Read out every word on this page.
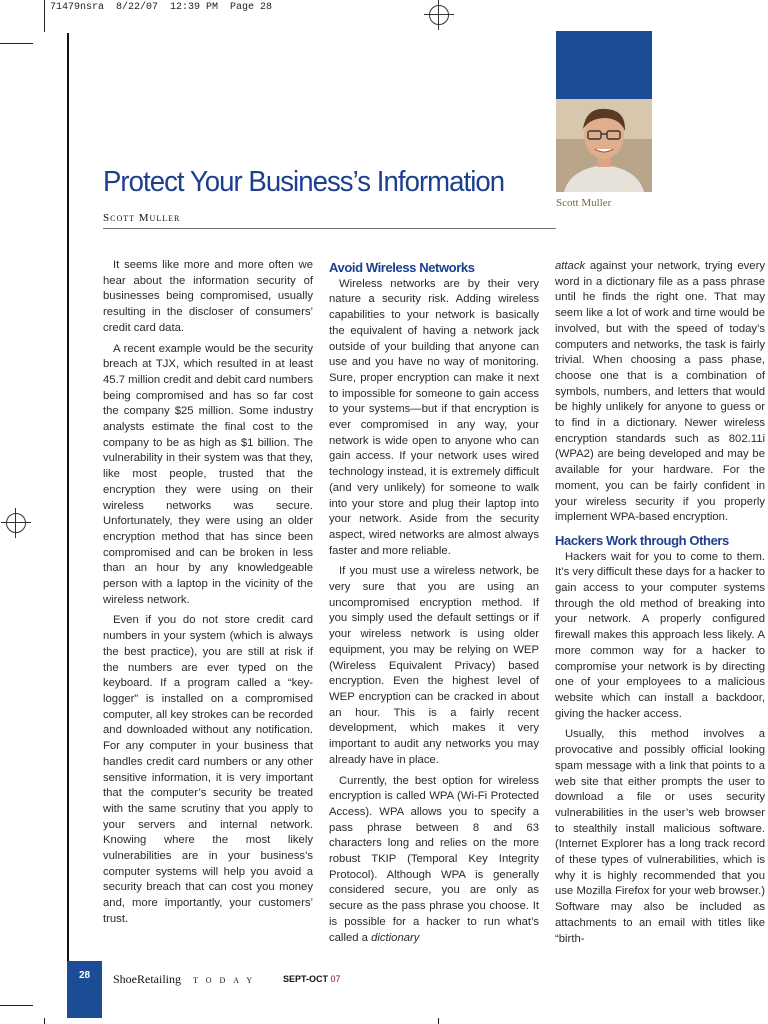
71479nsra  8/22/07  12:39 PM  Page 28
Scott Muller
Protect Your Business’s Information
Scott Muller

It seems like more and more often we hear about the information security of businesses being compromised, usually resulting in the discloser of consumers’ credit card data.

A recent example would be the security breach at TJX, which resulted in at least 45.7 million credit and debit card numbers being compromised and has so far cost the company $25 million. Some industry analysts estimate the final cost to the company to be as high as $1 billion. The vulnerability in their system was that they, like most people, trusted that the encryption they were using on their wireless networks was secure. Unfortunately, they were using an older encryption method that has since been compromised and can be broken in less than an hour by any knowledgeable person with a laptop in the vicinity of the wireless network.

Even if you do not store credit card numbers in your system (which is always the best practice), you are still at risk if the numbers are ever typed on the keyboard. If a program called a “key-logger” is installed on a compromised computer, all key strokes can be recorded and downloaded without any notification. For any computer in your business that handles credit card numbers or any other sensitive information, it is very important that the computer’s security be treated with the same scrutiny that you apply to your servers and internal network. Knowing where the most likely vulnerabilities are in your business’s computer systems will help you avoid a security breach that can cost you money and, more importantly, your customers’ trust.

Avoid Wireless Networks

Wireless networks are by their very nature a security risk. Adding wireless capabilities to your network is basically the equivalent of having a network jack outside of your building that anyone can use and you have no way of monitoring. Sure, proper encryption can make it next to impossible for someone to gain access to your systems—but if that encryption is ever compromised in any way, your network is wide open to anyone who can gain access. If your network uses wired technology instead, it is extremely difficult (and very unlikely) for someone to walk into your store and plug their laptop into your network. Aside from the security aspect, wired networks are almost always faster and more reliable.

If you must use a wireless network, be very sure that you are using an uncompromised encryption method. If you simply used the default settings or if your wireless network is using older equipment, you may be relying on WEP (Wireless Equivalent Privacy) based encryption. Even the highest level of WEP encryption can be cracked in about an hour. This is a fairly recent development, which makes it very important to audit any networks you may already have in place.

Currently, the best option for wireless encryption is called WPA (Wi-Fi Protected Access). WPA allows you to specify a pass phrase between 8 and 63 characters long and relies on the more robust TKIP (Temporal Key Integrity Protocol). Although WPA is generally considered secure, you are only as secure as the pass phrase you choose. It is possible for a hacker to run what’s called a dictionary

attack against your network, trying every word in a dictionary file as a pass phrase until he finds the right one. That may seem like a lot of work and time would be involved, but with the speed of today’s computers and networks, the task is fairly trivial. When choosing a pass phase, choose one that is a combination of symbols, numbers, and letters that would be highly unlikely for anyone to guess or to find in a dictionary. Newer wireless encryption standards such as 802.11i (WPA2) are being developed and may be available for your hardware. For the moment, you can be fairly confident in your wireless security if you properly implement WPA-based encryption.

Hackers Work through Others

Hackers wait for you to come to them. It’s very difficult these days for a hacker to gain access to your computer systems through the old method of breaking into your network. A properly configured firewall makes this approach less likely. A more common way for a hacker to compromise your network is by directing one of your employees to a malicious website which can install a backdoor, giving the hacker access.

Usually, this method involves a provocative and possibly official looking spam message with a link that points to a web site that either prompts the user to download a file or uses security vulnerabilities in the user’s web browser to stealthily install malicious software. (Internet Explorer has a long track record of these types of vulnerabilities, which is why it is highly recommended that you use Mozilla Firefox for your web browser.) Software may also be included as attachments to an email with titles like “birth-

28	ShoeRetailing TODAY	SEPT-OCT 07
